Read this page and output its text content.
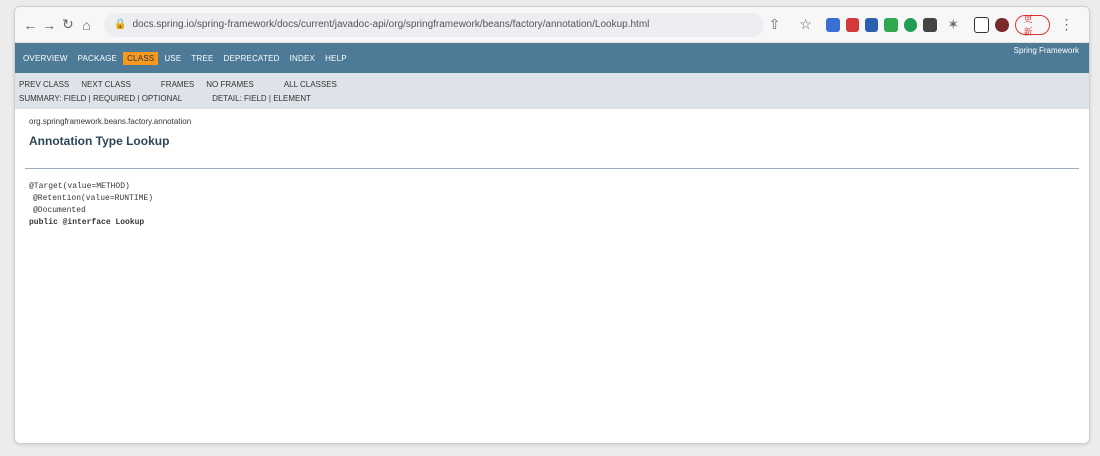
← → ↻ ⌂	🔒 docs.spring.io/spring-framework/docs/current/javadoc-api/org/springframework/beans/factory/annotation/Lookup.html	⇧	☆	✶	更新	⋮
OVERVIEW	PACKAGE	CLASS	USE	TREE	DEPRECATED	INDEX	HELP
Spring Framework
PREV CLASS NEXT CLASS	FRAMES NO FRAMES	ALL CLASSES
SUMMARY: FIELD | REQUIRED | OPTIONAL	DETAIL: FIELD | ELEMENT
org.springframework.beans.factory.annotation
Annotation Type Lookup
@Target(value=METHOD)
@Retention(value=RUNTIME)
@Documented
public @interface Lookup
